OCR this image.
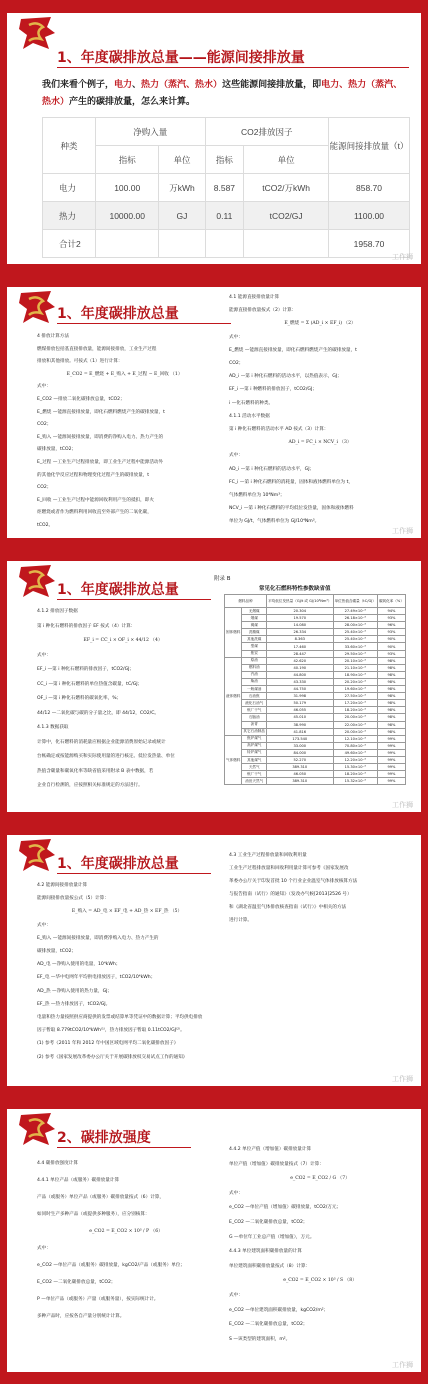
1、年度碳排放总量——能源间接排放量
我们来看个例子，电力、热力（蒸汽、热水）这些能源间接排放量，即电力、热力（蒸汽、热水）产生的碳排放量，怎么来计算。
种类	净购入量		CO2排放因子		能源间接排放量（t）
	指标	单位	指标	单位	
电力	100.00	万kWh	8.587	tCO2/万kWh	858.70
热力	10000.00	GJ	0.11	tCO2/GJ	1100.00
合计2					1958.70
工作狮
1、年度碳排放总量
4 排放计算方法
燃煤排放包括基直接排放量，能源间接排放，工业生产过程
排放和其他排放。可按式（1）进行计算：
E_CO2 = E_燃烧 + E_购入 + E_过程 − E_回收 （1）
式中：
E_CO2 —排放二氧化碳排放总量，tCO2；
E_燃烧 —能源直接排放量，即化石燃料燃烧产生的碳排放量，t
CO2；
E_购入 —能源间接排放量，即消费的净购入电力、热力产生的
碳排放量，tCO2；
E_过程 —工业生产过程排放量，即工业生产过程中能源活动外
的其他化学反应过程和物理变化过程产生的碳排放量，t
CO2；
E_回收 —工业生产过程中能源回收利用产生的抵扣，即火
炬燃烧或者作为燃料利用回收直至外部产生的二氧化碳，
tCO2。
4.1 能源直接排放量计算
能源直接排放量按式（2）计算：
E_燃烧 = Σ (AD_i × EF_i) （2）
式中：
E_燃烧 —能源直接排放量，即化石燃料燃烧产生的碳排放量，t
CO2；
AD_i —第 i 种化石燃料的活动水平，以热值表示，GJ；
EF_i —第 i 种燃料的排放因子，tCO2/GJ；
i —化石燃料的种类。
4.1.1 活动水平数据
第 i 种化石燃料的活动水平 AD 按式（3）计算：
AD_i = FC_i × NCV_i （3）
式中：
AD_i —第 i 种化石燃料的活动水平，GJ；
FC_i —第 i 种化石燃料的消耗量，固体和液体燃料单位为 t，
气体燃料单位为 10⁴Nm³；
NCV_i —第 i 种化石燃料的平均低位发热量，固体和液体燃料
单位为 GJ/t，气体燃料单位为 GJ/10⁴Nm³。
工作狮
1、年度碳排放总量
4.1.2 排放因子数据
第 i 种化石燃料的排放因子 EF 按式（4）计算：
EF_i = CC_i × OF_i × 44/12 （4）
式中：
EF_i —第 i 种化石燃料的排放因子，tCO2/GJ；
CC_i —第 i 种化石燃料的单位热值含碳量，tC/GJ；
OF_i —第 i 种化石燃料的碳氧化率，%；
44/12 —二氧化碳与碳的分子量之比，即 44/12，CO2/C。
4.1.3 数据获取
计算中，化石燃料的消耗量应根据企业能源消费原始记录或统计
台帐确定或按能源购买和实际使用量的进行核定。低位发热量、单位
热值含碳量和碳氧化率等缺省值采用附录 B 表中数据，若
企业自行检测的，应按照相关标准规定的方法进行。
附录 B
常见化石燃料特性参数缺省值
燃料品种		平均低位发热量（GJ/t 或 GJ/10⁴Nm³）	单位热值含碳量（tC/GJ）	碳氧化率（%）
固体燃料	无烟煤	20.304	27.49×10⁻³	94%
	烟煤	19.570	26.18×10⁻³	93%
	褐煤	14.080	28.00×10⁻³	96%
	洗精煤	26.334	25.40×10⁻³	93%
	其他洗煤	8.363	25.40×10⁻³	90%
	型煤	17.460	33.60×10⁻³	90%
	焦炭	28.447	29.50×10⁻³	93%
液体燃料	原油	42.620	20.10×10⁻³	98%
	燃料油	40.190	21.10×10⁻³	98%
	汽油	44.800	18.90×10⁻³	98%
	柴油	43.330	20.20×10⁻³	98%
	一般煤油	44.750	19.60×10⁻³	98%
	石油焦	31.998	27.50×10⁻³	98%
	液化石油气	50.179	17.20×10⁻³	98%
	炼厂干气	46.055	18.20×10⁻³	98%
	石脑油	45.010	20.00×10⁻³	98%
	沥青	38.990	22.00×10⁻³	98%
	其它石油制品	41.816	20.00×10⁻³	98%
气体燃料	焦炉煤气	173.540	12.10×10⁻³	99%
	高炉煤气	33.000	70.80×10⁻³	99%
	转炉煤气	84.000	49.60×10⁻³	99%
	其他煤气	52.270	12.20×10⁻³	99%
	天然气	389.310	15.30×10⁻³	99%
	炼厂干气	46.050	18.20×10⁻³	99%
	油田天然气	389.310	15.32×10⁻³	99%
工作狮
1、年度碳排放总量
4.2 能源间接排放量计算
能源间接排放量按公式（5）计算：
E_购入 = AD_电 × EF_电 + AD_热 × EF_热 （5）
式中：
E_购入 —能源间接排放量，即消费净购入电力、热力产生的
碳排放量，tCO2；
AD_电 —净购入使用的电量，10⁴kWh；
EF_电 —华中电网年平均供电排放因子，tCO2/10⁴kWh；
AD_热 —净购入使用的热力量，GJ；
EF_热 —热力排放因子，tCO2/GJ。
电量和热力量按照供应商提供的发票或结算单等凭证中的数据计算；平均供电排放
因子暂取 8.779tCO2/10⁴kWh⁽¹⁾，热力排放因子暂取 0.11tCO2/GJ⁽²⁾。
(1) 参考《2011 年和 2012 年中国区域电网平均二氧化碳排放因子》
(2) 参考《国家发展改革委办公厅关于开展碳排放权交易试点工作的通知》
4.3 工业生产过程排放量和回收利用量
工业生产过程排放量和回收利用量计算可参考《国家发展改
革委办公厅关于印发首批 10 个行业企业温室气体排放核算方法
与报告指南（试行）的通知》（发改办气候[2013]2526 号）
和《湖北省温室气体排放核查指南（试行）》中相关的方法
进行计算。
工作狮
2、碳排放强度
4.4 碳排放强度计算
4.4.1 单位产品（或服务）碳排放量计算
产品（或服务）单位产品（或服务）碳排放量按式（6）计算，
如同时生产多种产品（或提供多种服务），应分别核算：
e_CO2 = E_CO2 × 10³ / P （6）
式中：
e_CO2 —单位产品（或服务）碳排放量，kgCO2/产品（或服务）单位；
E_CO2 —二氧化碳排放总量，tCO2；
P —单位产品（或服务）产量（或服务量），按实际统计计。
多种产品时，应按各自产量分别统计计算。
4.4.2 单位产值（增加值）碳排放量计算
单位产值（增加值）碳排放量按式（7）计算：
e_CO2 = E_CO2 / G （7）
式中：
e_CO2 —单位产值（增加值）碳排放量，tCO2/万元；
E_CO2 —二氧化碳排放总量，tCO2；
G —单位年工业总产值（增加值），万元。
4.4.3 单位建筑面积碳排放量的计算
单位建筑面积碳排放量按式（8）计算：
e_CO2 = E_CO2 × 10³ / S （8）
式中：
e_CO2 —单位建筑面积碳排放量，kgCO2/m²；
E_CO2 —二氧化碳排放总量，tCO2；
S —该类型的建筑面积，m²。
工作狮
